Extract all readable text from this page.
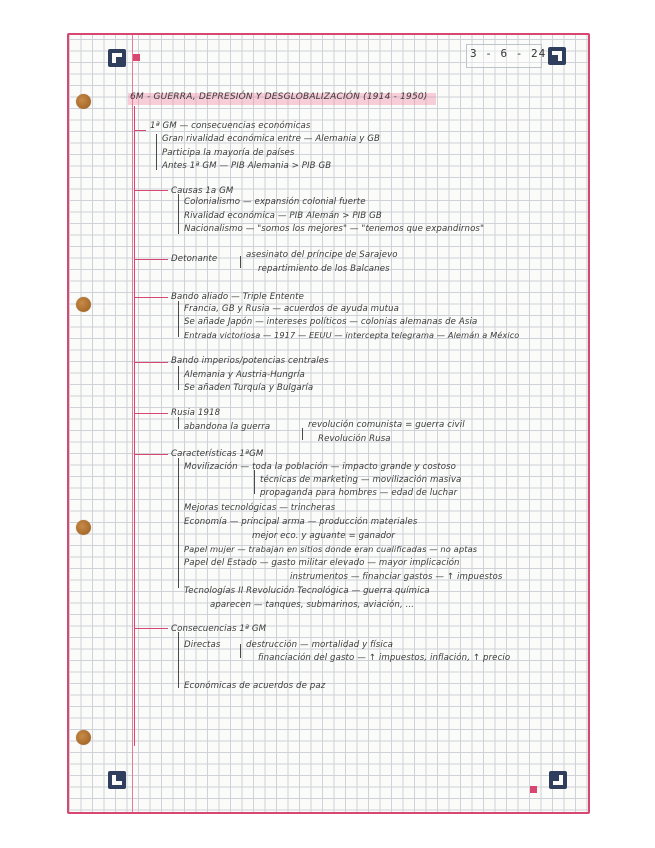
3 - 6 - 24
6M - GUERRA, DEPRESIÓN Y DESGLOBALIZACIÓN (1914 - 1950)
1ª GM — consecuencias económicas
Gran rivalidad económica entre — Alemania y GB
Participa la mayoría de países
Antes 1ª GM — PIB Alemania > PIB GB
Causas 1a GM
Colonialismo — expansión colonial fuerte
Rivalidad económica — PIB Alemán > PIB GB
Nacionalismo — "somos los mejores" — "tenemos que expandirnos"
Detonante	asesinato del príncipe de Sarajevo
repartimiento de los Balcanes
Bando aliado — Triple Entente
Francia, GB y Rusia — acuerdos de ayuda mutua
Se añade Japón — intereses políticos — colonias alemanas de Asia
Entrada victoriosa — 1917 — EEUU — intercepta telegrama — Alemán a México
Bando imperios/potencias centrales
Alemania y Austria-Hungría
Se añaden Turquía y Bulgaría
Rusia 1918
abandona la guerra	revolución comunista = guerra civil
Revolución Rusa
Características 1ªGM
Movilización — toda la población — impacto grande y costoso
técnicas de marketing — movilización masiva
propaganda para hombres — edad de luchar
Mejoras tecnológicas — trincheras
Economía — principal arma — producción materiales
mejor eco. y aguante = ganador
Papel mujer — trabajan en sitios donde eran cualificadas — no aptas
Papel del Estado — gasto militar elevado — mayor implicación
instrumentos — financiar gastos — ↑ impuestos
Tecnologías II Revolución Tecnológica — guerra química
aparecen — tanques, submarinos, aviación, ...
Consecuencias 1ª GM
Directas	destrucción — mortalidad y física
financiación del gasto — ↑ impuestos, inflación, ↑ precio
Económicas de acuerdos de paz
